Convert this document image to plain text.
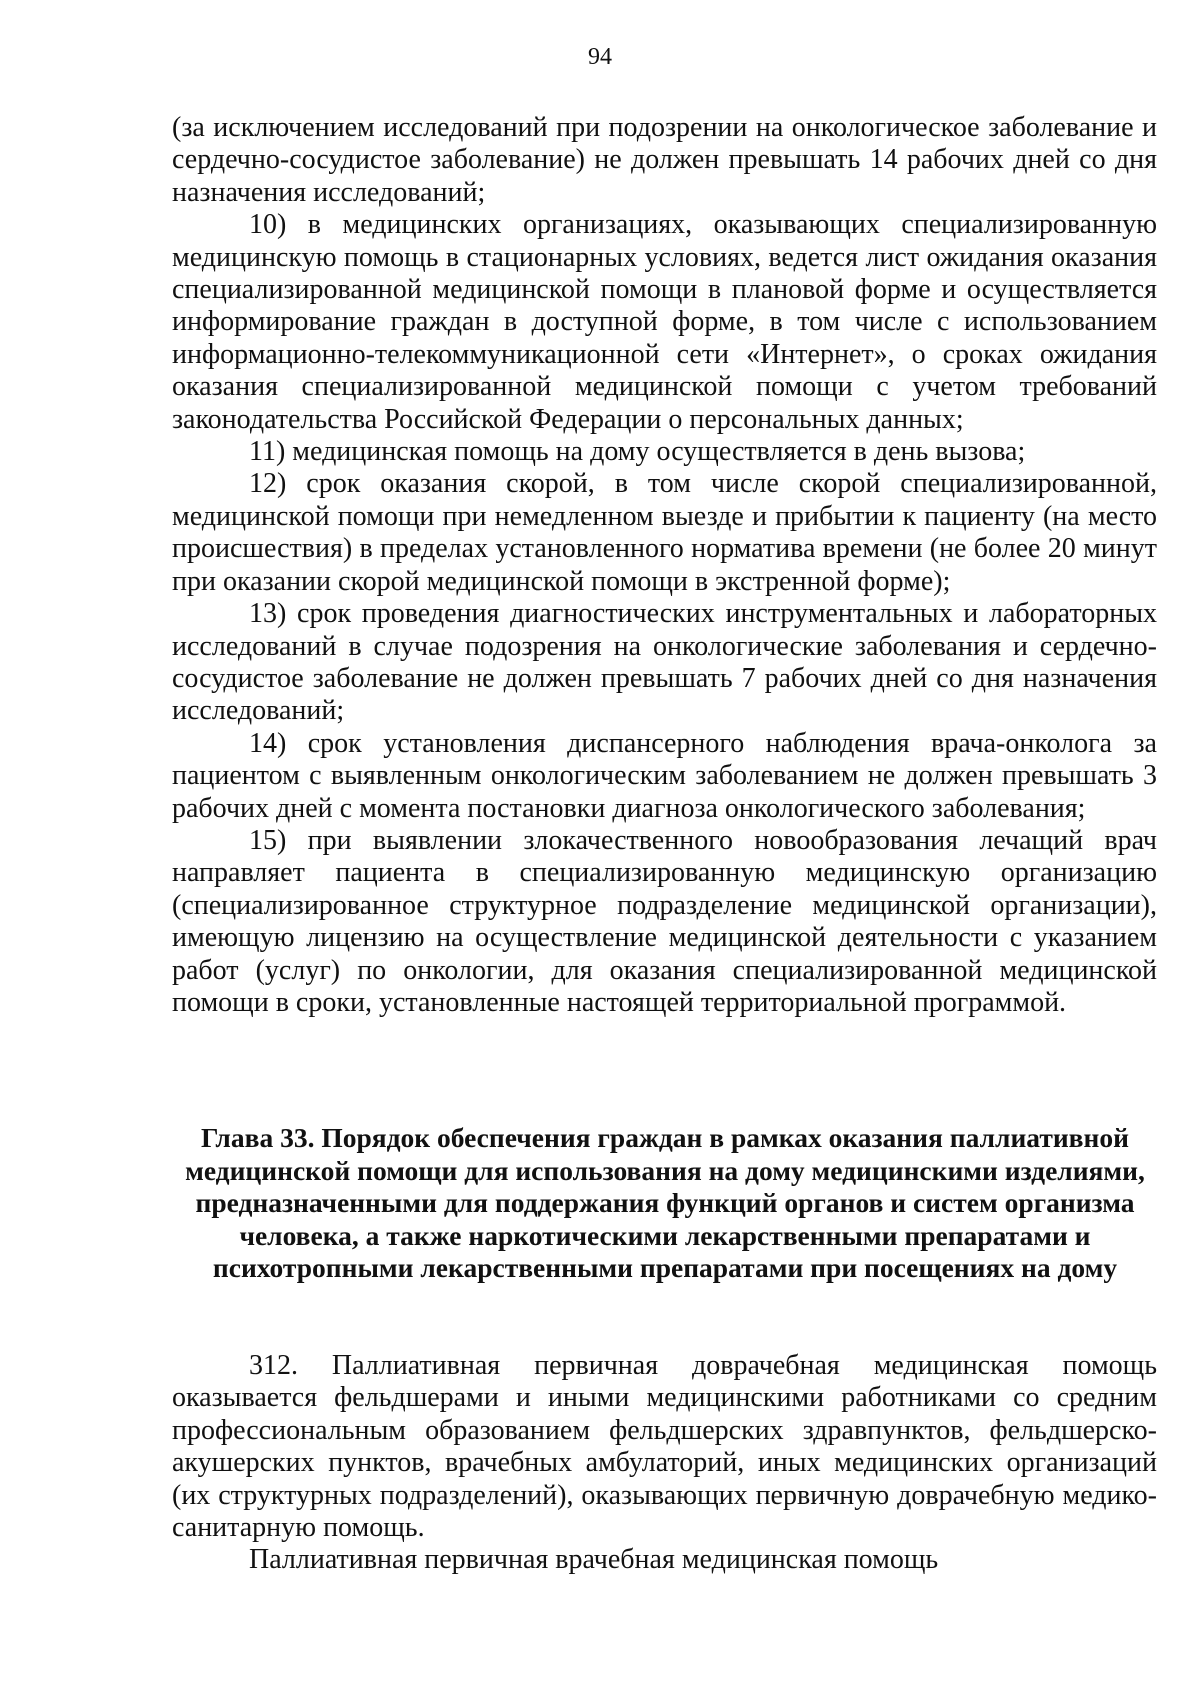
94

(за исключением исследований при подозрении на онкологическое заболевание и сердечно-сосудистое заболевание) не должен превышать 14 рабочих дней со дня назначения исследований;

10) в медицинских организациях, оказывающих специализированную медицинскую помощь в стационарных условиях, ведется лист ожидания оказания специализированной медицинской помощи в плановой форме и осуществляется информирование граждан в доступной форме, в том числе с использованием информационно-телекоммуникационной сети «Интернет», о сроках ожидания оказания специализированной медицинской помощи с учетом требований законодательства Российской Федерации о персональных данных;

11) медицинская помощь на дому осуществляется в день вызова;

12) срок оказания скорой, в том числе скорой специализированной, медицинской помощи при немедленном выезде и прибытии к пациенту (на место происшествия) в пределах установленного норматива времени (не более 20 минут при оказании скорой медицинской помощи в экстренной форме);

13) срок проведения диагностических инструментальных и лабораторных исследований в случае подозрения на онкологические заболевания и сердечно-сосудистое заболевание не должен превышать 7 рабочих дней со дня назначения исследований;

14) срок установления диспансерного наблюдения врача-онколога за пациентом с выявленным онкологическим заболеванием не должен превышать 3 рабочих дней с момента постановки диагноза онкологического заболевания;

15) при выявлении злокачественного новообразования лечащий врач направляет пациента в специализированную медицинскую организацию (специализированное структурное подразделение медицинской организации), имеющую лицензию на осуществление медицинской деятельности с указанием работ (услуг) по онкологии, для оказания специализированной медицинской помощи в сроки, установленные настоящей территориальной программой.

Глава 33. Порядок обеспечения граждан в рамках оказания паллиативной медицинской помощи для использования на дому медицинскими изделиями, предназначенными для поддержания функций органов и систем организма человека, а также наркотическими лекарственными препаратами и психотропными лекарственными препаратами при посещениях на дому

312. Паллиативная первичная доврачебная медицинская помощь оказывается фельдшерами и иными медицинскими работниками со средним профессиональным образованием фельдшерских здравпунктов, фельдшерско-акушерских пунктов, врачебных амбулаторий, иных медицинских организаций (их структурных подразделений), оказывающих первичную доврачебную медико-санитарную помощь.

Паллиативная первичная врачебная медицинская помощь
